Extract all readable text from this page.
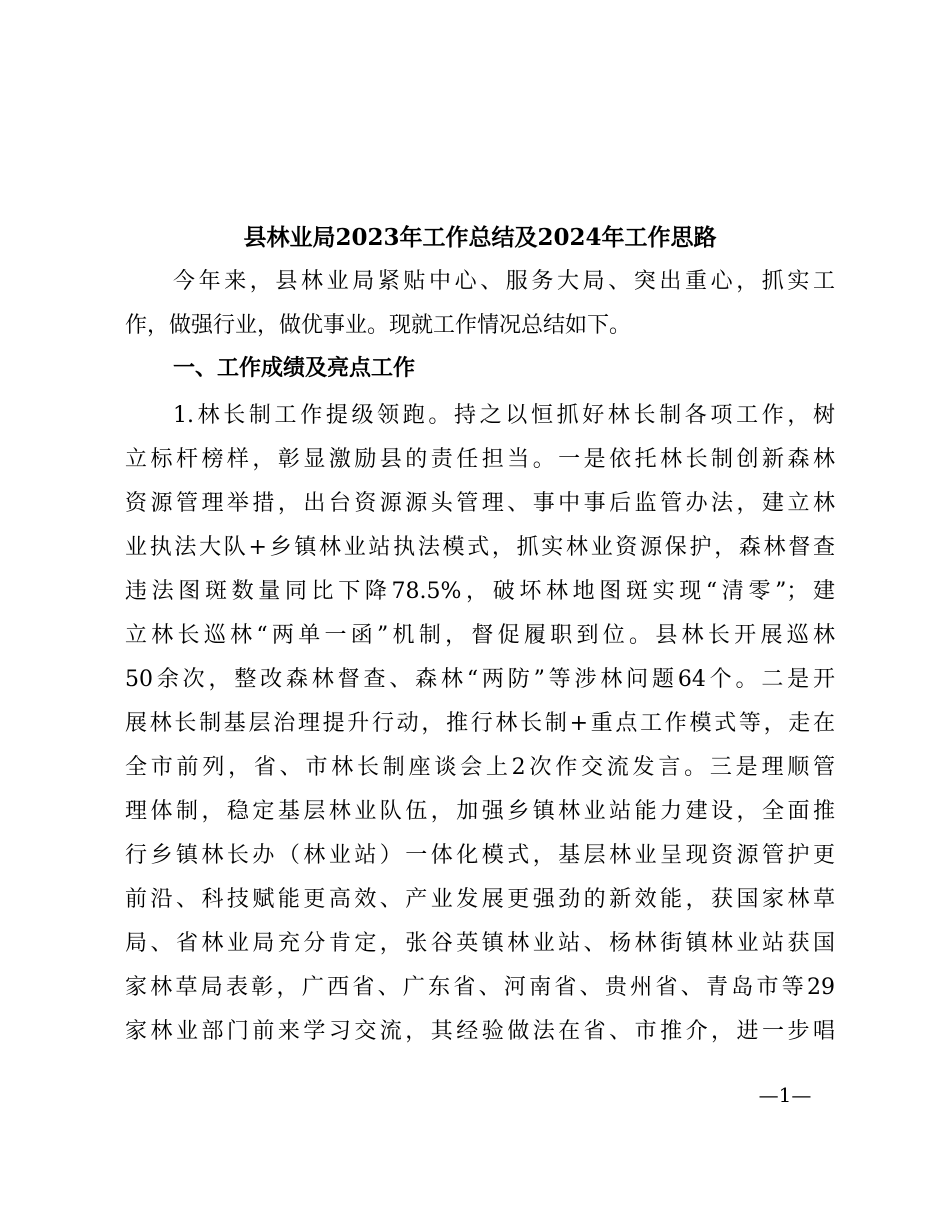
县林业局2023年工作总结及2024年工作思路
今年来，县林业局紧贴中心、服务大局、突出重心，抓实工
作，做强行业，做优事业。现就工作情况总结如下。
一、工作成绩及亮点工作
1.林长制工作提级领跑。持之以恒抓好林长制各项工作，树
立标杆榜样，彰显激励县的责任担当。一是依托林长制创新森林
资源管理举措，出台资源源头管理、事中事后监管办法，建立林
业执法大队+乡镇林业站执法模式，抓实林业资源保护，森林督查
违法图斑数量同比下降78.5%，破坏林地图斑实现“清零”；建
立林长巡林“两单一函”机制，督促履职到位。县林长开展巡林
50余次，整改森林督查、森林“两防”等涉林问题64个。二是开
展林长制基层治理提升行动，推行林长制+重点工作模式等，走在
全市前列，省、市林长制座谈会上2次作交流发言。三是理顺管
理体制，稳定基层林业队伍，加强乡镇林业站能力建设，全面推
行乡镇林长办（林业站）一体化模式，基层林业呈现资源管护更
前沿、科技赋能更高效、产业发展更强劲的新效能，获国家林草
局、省林业局充分肯定，张谷英镇林业站、杨林街镇林业站获国
家林草局表彰，广西省、广东省、河南省、贵州省、青岛市等29
家林业部门前来学习交流，其经验做法在省、市推介，进一步唱
—1—
